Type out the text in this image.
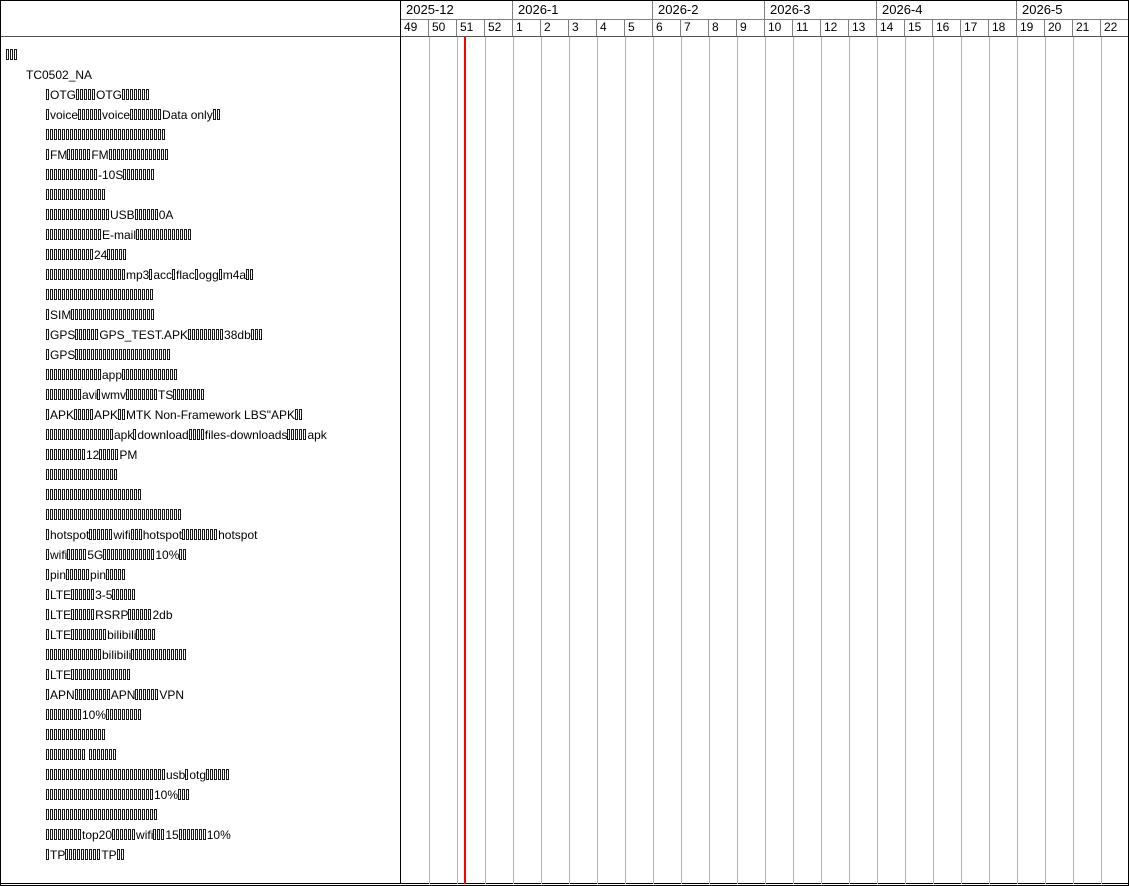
2025-12	2026-1	2026-2	2026-3	2026-4	2026-5
49	50	51	52	1	2	3	4	5	6	7	8	9	10	11	12	13	14	15	16	17	18	19	20	21	22
TC0502_NA
OTG OTG
voice voice	Data only
FM FM
-10S
USB 0A
E-mail
24
mp3 acc flac ogg m4a
SIM
GPS GPS_TEST.APK	38db
GPS
app
avi wmv	TS
APK APK MTK Non-Framework LBS"APK
apk download files-downloads apk
12 PM
hotspot wifi hotspot	hotspot
wifi 5G	10%
pin pin
LTE 3-5
LTE RSRP 2db
LTE	bilibili
bilibili
LTE
APN	APN VPN
10%

usb otg
10%
top20 wifi 15 10%
TP	TP
